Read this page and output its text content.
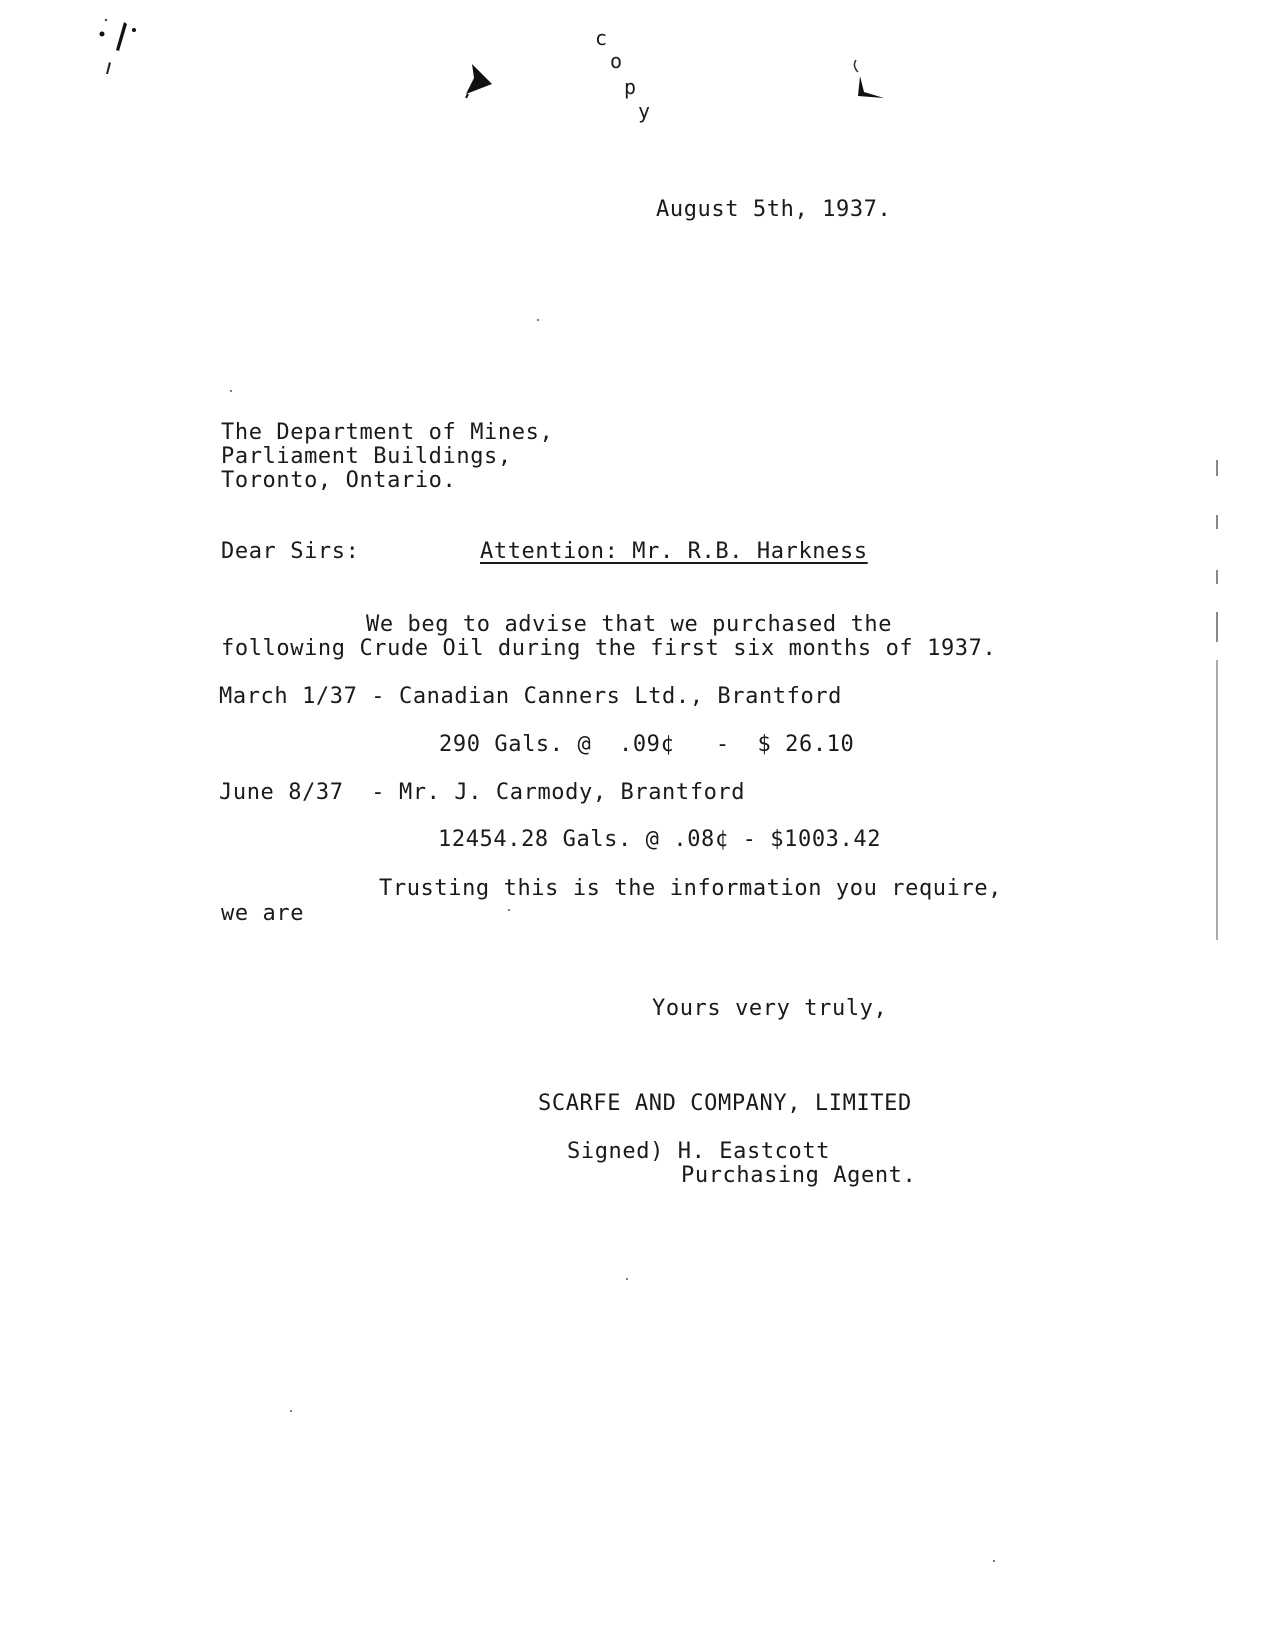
c
o
p
y
August 5th, 1937.
The Department of Mines,
Parliament Buildings,
Toronto, Ontario.
Dear Sirs:	Attention: Mr. R.B. Harkness
We beg to advise that we purchased the
following Crude Oil during the first six months of 1937.
March 1/37 - Canadian Canners Ltd., Brantford
290 Gals. @  .09¢   -  $ 26.10
June 8/37  - Mr. J. Carmody, Brantford
12454.28 Gals. @ .08¢ - $1003.42
Trusting this is the information you require,
we are
Yours very truly,
SCARFE AND COMPANY, LIMITED
Signed) H. Eastcott
Purchasing Agent.
